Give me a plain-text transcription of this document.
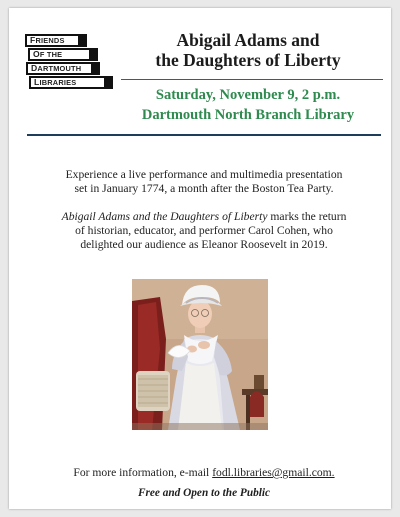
FRIENDS
OF THE
DARTMOUTH
LIBRARIES
Abigail Adams and
the Daughters of Liberty
Saturday, November 9, 2 p.m.
Dartmouth North Branch Library
Experience a live performance and multimedia presentation
set in January 1774, a month after the Boston Tea Party.
Abigail Adams and the Daughters of Liberty marks the return
of historian, educator, and performer Carol Cohen, who
delighted our audience as Eleanor Roosevelt in 2019.
For more information, e-mail fodl.libraries@gmail.com.
Free and Open to the Public
